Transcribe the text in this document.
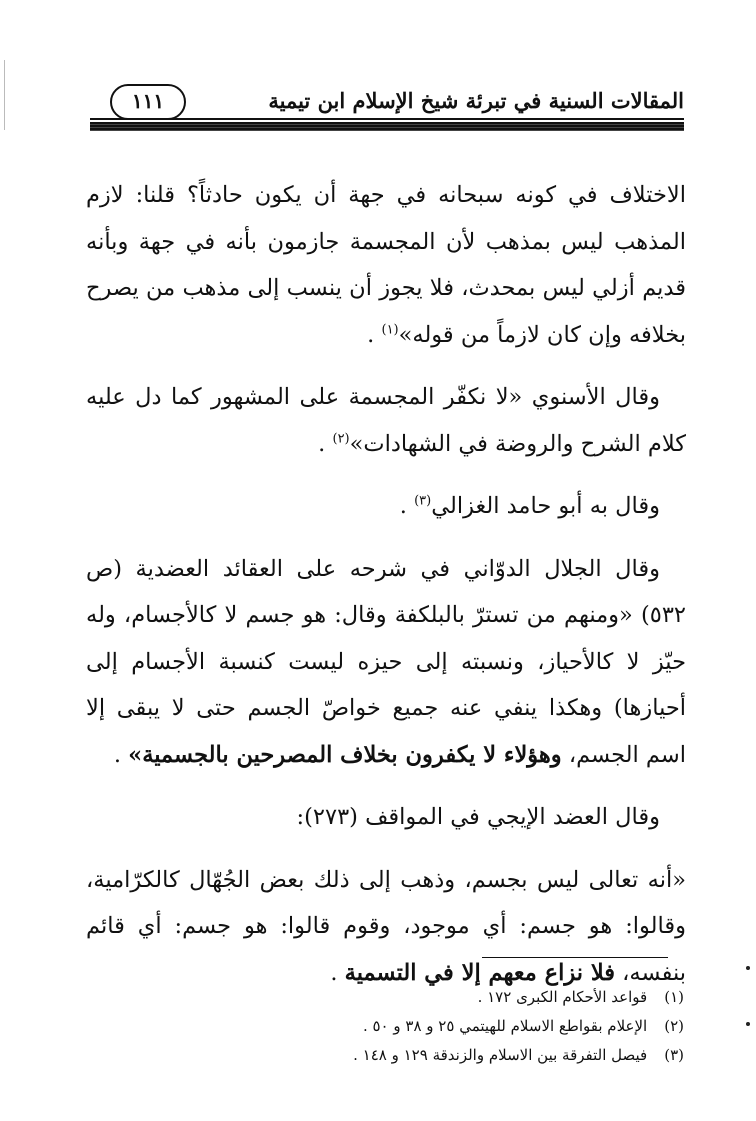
١١١	المقالات السنية في تبرئة شيخ الإسلام ابن تيمية

الاختلاف في كونه سبحانه في جهة أن يكون حادثاً؟ قلنا: لازم المذهب ليس بمذهب لأن المجسمة جازمون بأنه في جهة وبأنه قديم أزلي ليس بمحدث، فلا يجوز أن ينسب إلى مذهب من يصرح بخلافه وإن كان لازماً من قوله»$^{(١)}$ .

وقال الأسنوي «لا نكفّر المجسمة على المشهور كما دل عليه كلام الشرح والروضة في الشهادات»$^{(٢)}$ .

وقال به أبو حامد الغزالي$^{(٣)}$ .

وقال الجلال الدوّاني في شرحه على العقائد العضدية (ص ٥٣٢) «ومنهم من تسترّ بالبلكفة وقال: هو جسم لا كالأجسام، وله حيّز لا كالأحياز، ونسبته إلى حيزه ليست كنسبة الأجسام إلى أحيازها) وهكذا ينفي عنه جميع خواصّ الجسم حتى لا يبقى إلا اسم الجسم، وهؤلاء لا يكفرون بخلاف المصرحين بالجسمية» .

وقال العضد الإيجي في المواقف (٢٧٣):

«أنه تعالى ليس بجسم، وذهب إلى ذلك بعض الجُهّال كالكرّامية، وقالوا: هو جسم: أي موجود، وقوم قالوا: هو جسم: أي قائم بنفسه، فلا نزاع معهم إلا في التسمية .

(١) قواعد الأحكام الكبرى ١٧٢ .
(٢) الإعلام بقواطع الاسلام للهيتمي ٢٥ و ٣٨ و ٥٠ .
(٣) فيصل التفرقة بين الاسلام والزندقة ١٢٩ و ١٤٨ .
